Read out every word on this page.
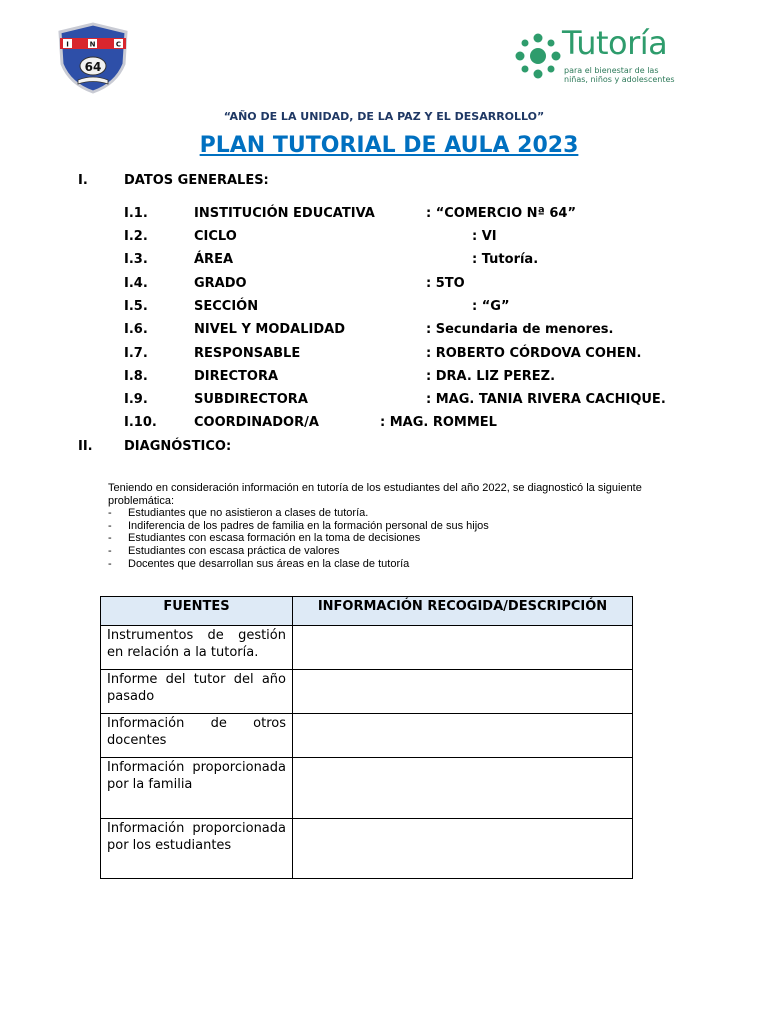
I	N	C
64
Tutoría
para el bienestar de las
niñas, niños y adolescentes
“AÑO DE LA UNIDAD, DE LA PAZ Y EL DESARROLLO”
PLAN TUTORIAL DE AULA 2023
I.	DATOS GENERALES:
I.1.	INSTITUCIÓN EDUCATIVA	: “COMERCIO Nª 64”
I.2.	CICLO	: VI
I.3.	ÁREA	: Tutoría.
I.4.	GRADO	: 5TO
I.5.	SECCIÓN	: “G”
I.6.	NIVEL Y MODALIDAD	: Secundaria de menores.
I.7.	RESPONSABLE	: ROBERTO CÓRDOVA COHEN.
I.8.	DIRECTORA	: DRA. LIZ PEREZ.
I.9.	SUBDIRECTORA	: MAG. TANIA RIVERA CACHIQUE.
I.10.	COORDINADOR/A	: MAG. ROMMEL
II. DIAGNÓSTICO:

Teniendo en consideración información en tutoría de los estudiantes del año 2022, se diagnosticó la siguiente problemática:

- Estudiantes que no asistieron a clases de tutoría.
- Indiferencia de los padres de familia en la formación personal de sus hijos
- Estudiantes con escasa formación en la toma de decisiones
- Estudiantes con escasa práctica de valores
- Docentes que desarrollan sus áreas en la clase de tutoría
FUENTES	INFORMACIÓN RECOGIDA/DESCRIPCIÓN
Instrumentos de gestión en relación a la tutoría.	
Informe del tutor del año pasado	
Información de otros docentes	
Información proporcionada por la familia	
Información proporcionada por los estudiantes	
